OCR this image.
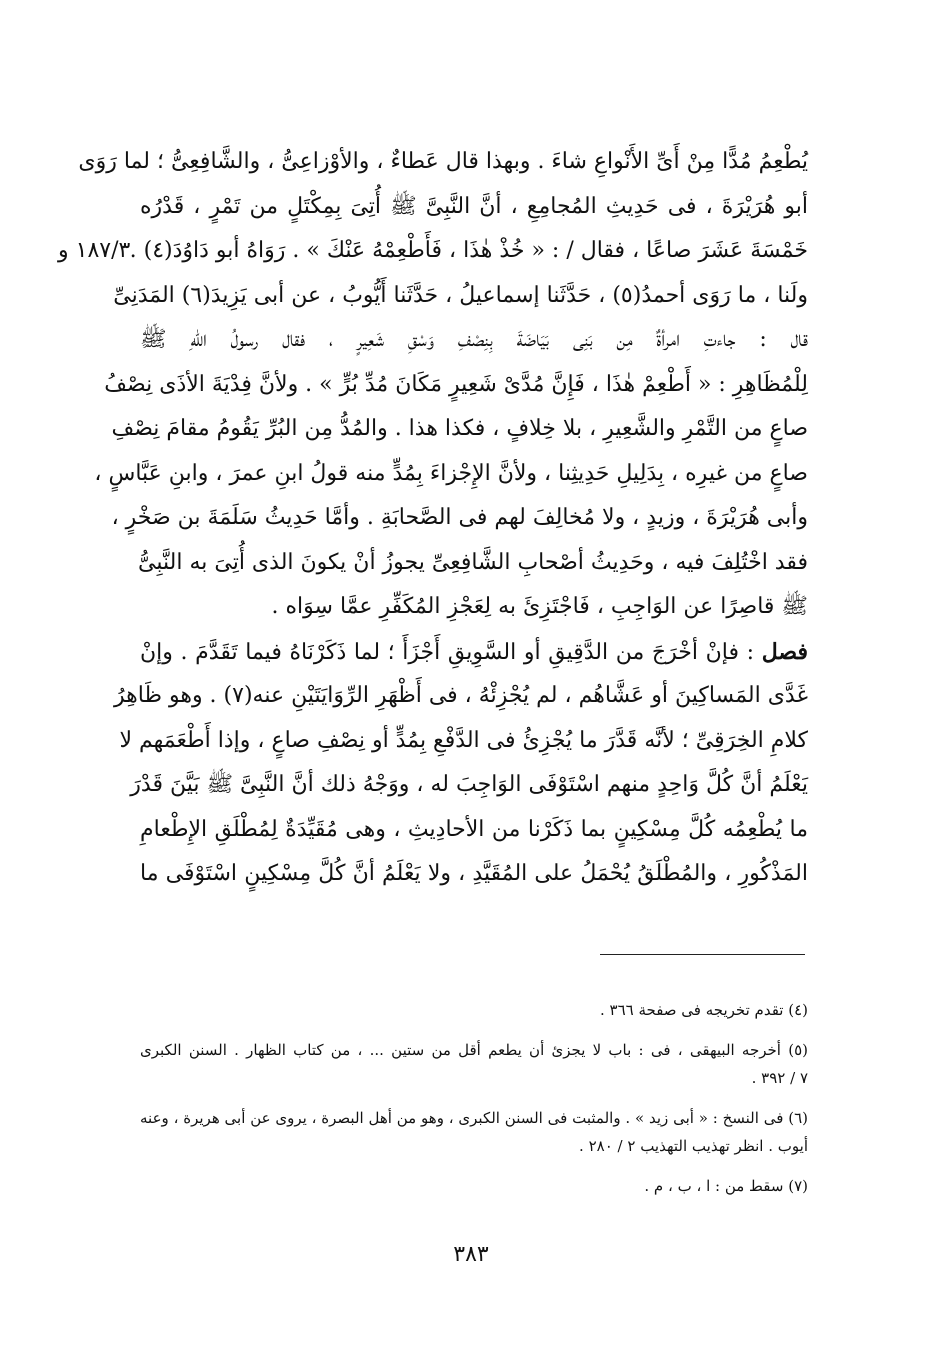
١٨٧/٣ و
يُطْعِمُ مُدًّا مِنْ أَىِّ الأَنْواعِ شاءَ . وبهذا قال عَطاءٌ ، والأوْزاعِىُّ ، والشَّافِعِىُّ ؛ لما رَوَى
أبو هُرَيْرَةَ ، فى حَدِيثِ المُجامِعِ ، أنَّ النَّبِىَّ ﷺ أُتِىَ بِمِكْتَلٍ من تَمْرٍ ، قَدْرُه
خَمْسَةَ عَشَرَ صاعًا ، فقال / : « خُذْ هٰذَا ، فَأَطْعِمْهُ عَنْكَ » . رَوَاهُ أبو دَاوُدَ(٤) .
ولَنا ، ما رَوَى أحمدُ(٥) ، حَدَّثَنا إسماعيلُ ، حَدَّثَنا أَيُّوبُ ، عن أبى يَزِيدَ(٦) المَدَنِىِّ
قال : جاءتِ امرأةٌ مِن بَنِى بَيَاضَةَ بِنِصْفِ وَسْقِ شَعِيرٍ ، فقال رسولُ اللهِ ﷺ
لِلْمُظَاهِرِ : « أَطْعِمْ هٰذَا ، فَإِنَّ مُدَّىْ شَعِيرٍ مَكَانَ مُدِّ بُرٍّ » . ولأنَّ فِدْيَةَ الأذَى نِصْفُ
صاعٍ من التَّمْرِ والشَّعِيرِ ، بلا خِلافٍ ، فكذا هذا . والمُدُّ مِن البُرِّ يَقُومُ مقامَ نِصْفِ
صاعٍ من غيرِه ، بِدَلِيلِ حَدِيثِنا ، ولأنَّ الإِجْزاءَ بِمُدٍّ منه قولُ ابنِ عمرَ ، وابنِ عَبَّاسٍ ،
وأبى هُرَيْرَةَ ، وزيدٍ ، ولا مُخالِفَ لهم فى الصَّحابَةِ . وأمَّا حَدِيثُ سَلَمَةَ بن صَخْرٍ ،
فقد اخْتُلِفَ فيه ، وحَدِيثُ أصْحابِ الشَّافِعِىِّ يجوزُ أنْ يكونَ الذى أُتِىَ به النَّبِىُّ
ﷺ قاصِرًا عن الوَاجِبِ ، فَاجْتَزِئَ به لِعَجْزِ المُكَفِّرِ عمَّا سِوَاه .
فصل : فإنْ أخْرَجَ من الدَّقِيقِ أو السَّوِيقِ أَجْزَأَ ؛ لما ذَكَرْنَاهُ فيما تَقَدَّمَ . وإنْ
غَدَّى المَساكِينَ أو عَشَّاهُم ، لم يُجْزِئْهُ ، فى أَظْهَرِ الرِّوَايَتَيْنِ عنه(٧) . وهو ظَاهِرُ
كلامِ الخِرَقِىِّ ؛ لأنَّه قَدَّرَ ما يُجْزِئُ فى الدَّفْعِ بِمُدٍّ أو نِصْفِ صاعٍ ، وإذا أَطْعَمَهم لا
يَعْلَمُ أنَّ كُلَّ وَاحِدٍ منهم اسْتَوْفَى الوَاجِبَ له ، ووَجْهُ ذلك أنَّ النَّبِىَّ ﷺ بَيَّنَ قَدْرَ
ما يُطْعِمُه كُلَّ مِسْكِينٍ بما ذَكَرْنا من الأحادِيثِ ، وهى مُقَيِّدَةٌ لِمُطْلَقِ الإِطْعامِ
المَذْكُورِ ، والمُطْلَقُ يُحْمَلُ على المُقَيَّدِ ، ولا يَعْلَمُ أنَّ كُلَّ مِسْكِينٍ اسْتَوْفَى ما
(٤) تقدم تخريجه فى صفحة ٣٦٦ .
(٥) أخرجه البيهقى ، فى : باب لا يجزئ أن يطعم أقل من ستين ... ، من كتاب الظهار . السنن الكبرى
٧ / ٣٩٢ .
(٦) فى النسخ : « أبى زيد » . والمثبت فى السنن الكبرى ، وهو من أهل البصرة ، يروى عن أبى هريرة ، وعنه
أيوب . انظر تهذيب التهذيب ٢ / ٢٨٠ .
(٧) سقط من : ا ، ب ، م .
٣٨٣
